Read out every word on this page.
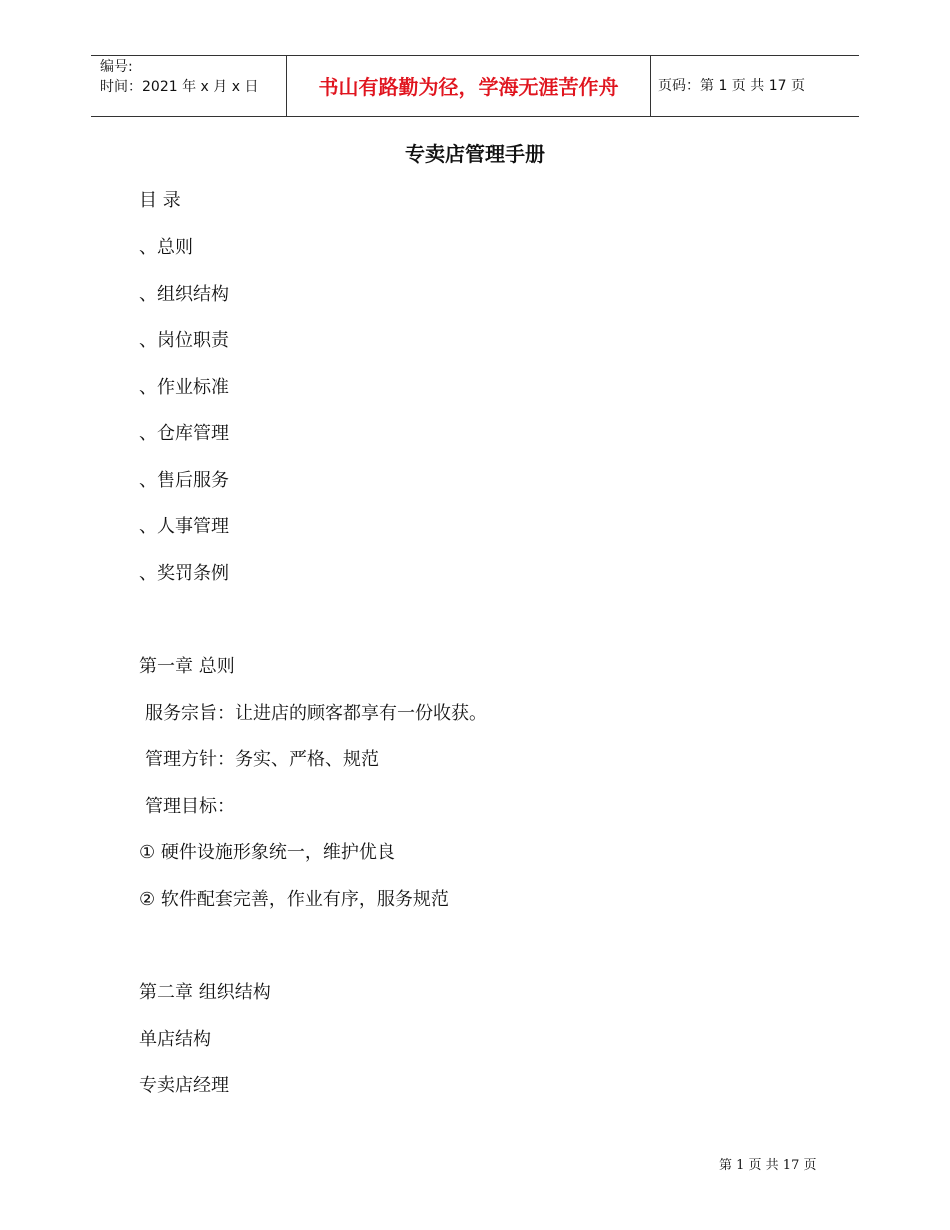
编号:
时间：2021 年 x 月 x 日	书山有路勤为径，学海无涯苦作舟	页码：第 1 页 共 17 页
专卖店管理手册
目 录
、总则
、组织结构
、岗位职责
、作业标准
、仓库管理
、售后服务
、人事管理
、奖罚条例
第一章 总则
服务宗旨：让进店的顾客都享有一份收获。
管理方针：务实、严格、规范
管理目标：
① 硬件设施形象统一，维护优良
② 软件配套完善，作业有序，服务规范
第二章 组织结构
单店结构
专卖店经理
第 1 页 共 17 页
